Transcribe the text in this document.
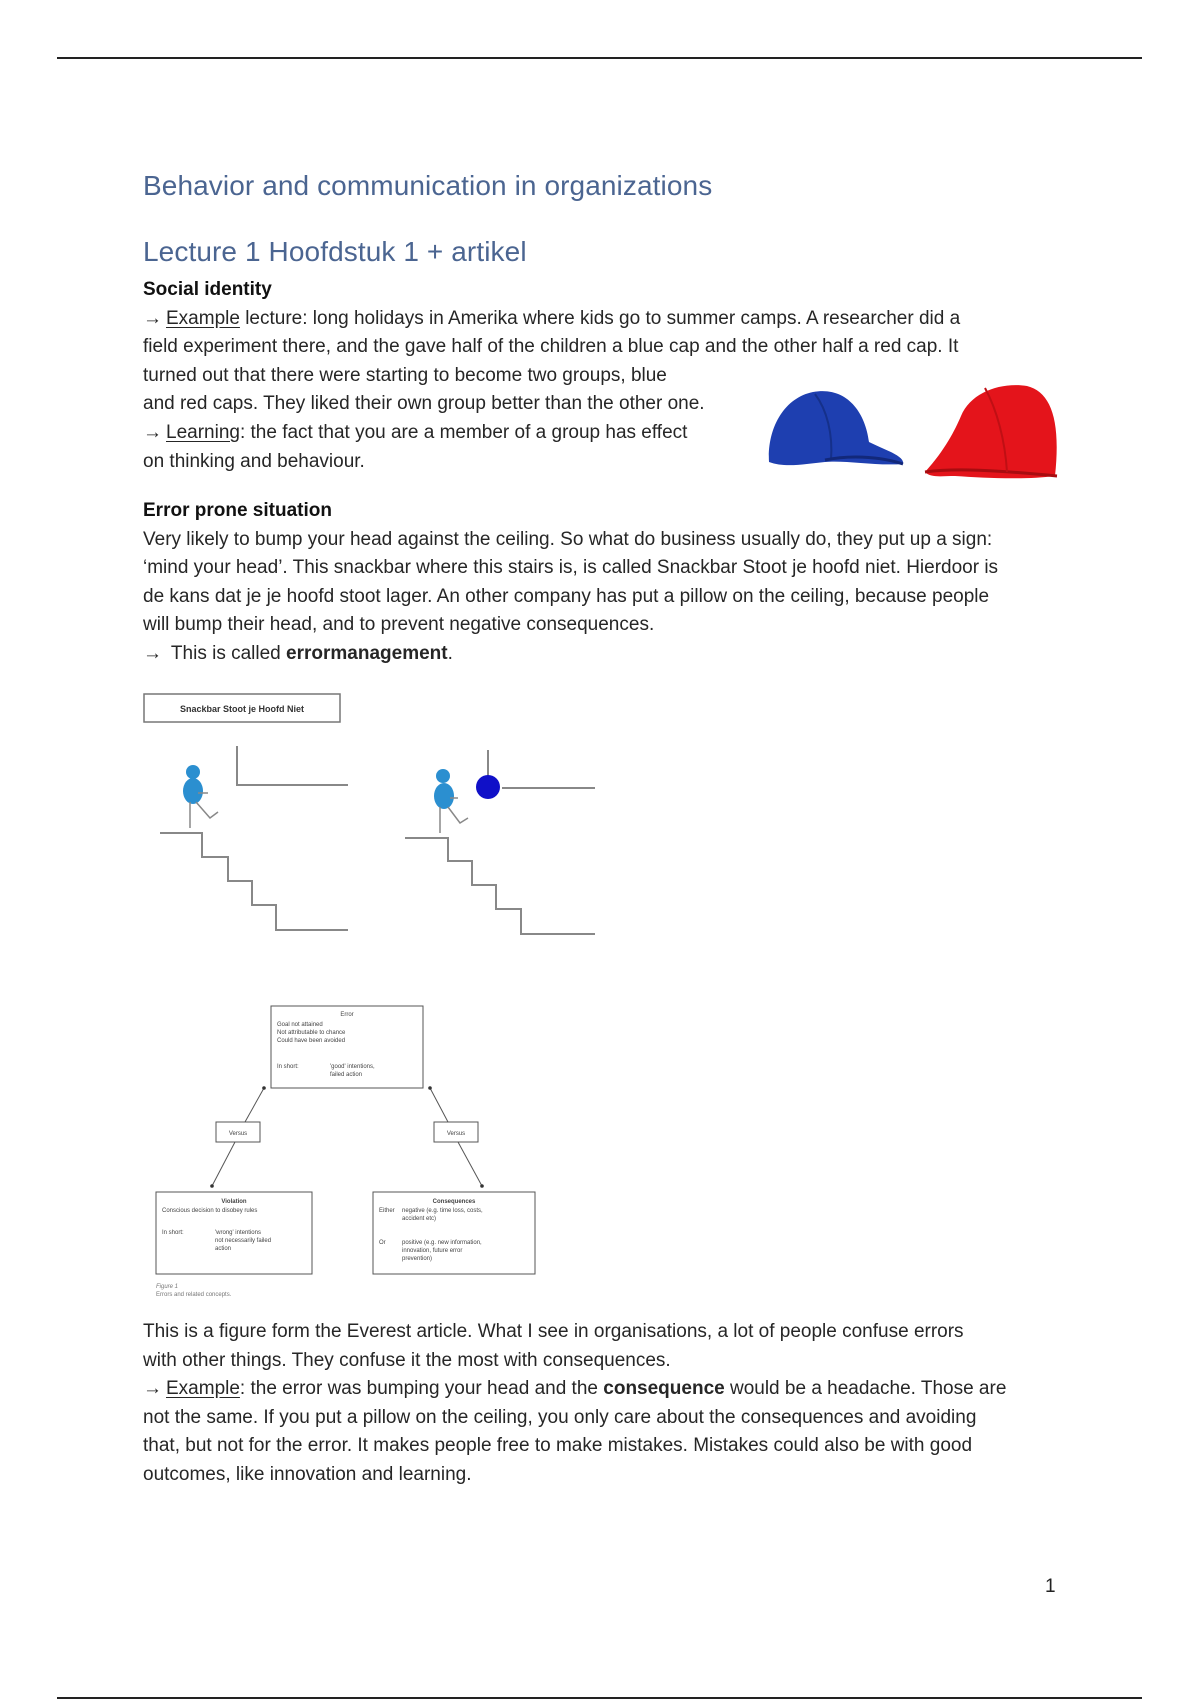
Behavior and communication in organizations
Lecture 1 Hoofdstuk 1 + artikel
Social identity
→ Example lecture: long holidays in Amerika where kids go to summer camps. A researcher did a
field experiment there, and the gave half of the children a blue cap and the other half a red cap. It
turned out that there were starting to become two groups, blue
and red caps. They liked their own group better than the other one.
→ Learning: the fact that you are a member of a group has effect
on thinking and behaviour.
Error prone situation
Very likely to bump your head against the ceiling. So what do business usually do, they put up a sign:
‘mind your head’. This snackbar where this stairs is, is called Snackbar Stoot je hoofd niet. Hierdoor is
de kans dat je je hoofd stoot lager. An other company has put a pillow on the ceiling, because people
will bump their head, and to prevent negative consequences.
→ This is called errormanagement.
Snackbar Stoot je Hoofd Niet
Error
Goal not attained
Not attributable to chance
Could have been avoided
In short:	'good' intentions,
failed action
Versus	Versus
Violation
Conscious decision to disobey rules
In short:	'wrong' intentions
not necessarily failed
action
Consequences
Either negative (e.g. time loss, costs,
accident etc)
Or	positive (e.g. new information,
innovation, future error
prevention)
Figure 1
Errors and related concepts.
This is a figure form the Everest article. What I see in organisations, a lot of people confuse errors
with other things. They confuse it the most with consequences.
→ Example: the error was bumping your head and the consequence would be a headache. Those are
not the same. If you put a pillow on the ceiling, you only care about the consequences and avoiding
that, but not for the error. It makes people free to make mistakes. Mistakes could also be with good
outcomes, like innovation and learning.
1
